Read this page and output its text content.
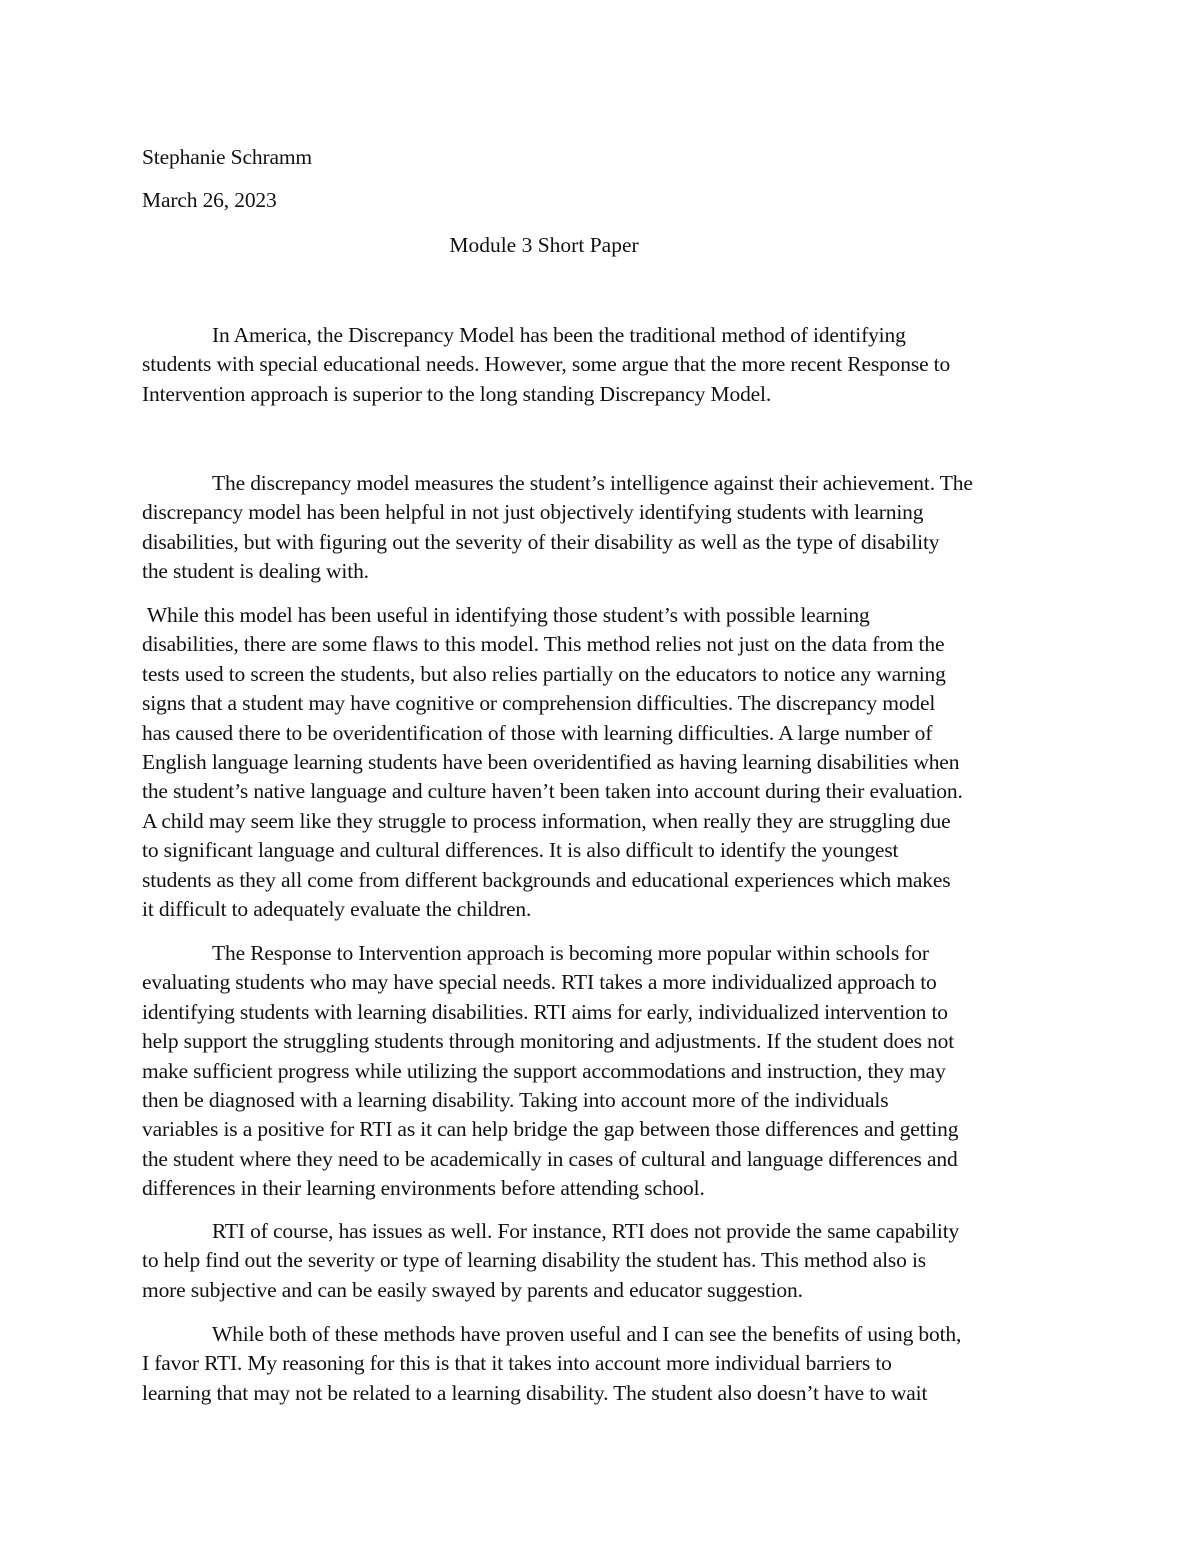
Stephanie Schramm

March 26, 2023

Module 3 Short Paper

In America, the Discrepancy Model has been the traditional method of identifying
students with special educational needs. However, some argue that the more recent Response to
Intervention approach is superior to the long standing Discrepancy Model.
The discrepancy model measures the student’s intelligence against their achievement. The
discrepancy model has been helpful in not just objectively identifying students with learning
disabilities, but with figuring out the severity of their disability as well as the type of disability
the student is dealing with.
While this model has been useful in identifying those student’s with possible learning
disabilities, there are some flaws to this model. This method relies not just on the data from the
tests used to screen the students, but also relies partially on the educators to notice any warning
signs that a student may have cognitive or comprehension difficulties. The discrepancy model
has caused there to be overidentification of those with learning difficulties. A large number of
English language learning students have been overidentified as having learning disabilities when
the student’s native language and culture haven’t been taken into account during their evaluation.
A child may seem like they struggle to process information, when really they are struggling due
to significant language and cultural differences. It is also difficult to identify the youngest
students as they all come from different backgrounds and educational experiences which makes
it difficult to adequately evaluate the children.
The Response to Intervention approach is becoming more popular within schools for
evaluating students who may have special needs. RTI takes a more individualized approach to
identifying students with learning disabilities. RTI aims for early, individualized intervention to
help support the struggling students through monitoring and adjustments. If the student does not
make sufficient progress while utilizing the support accommodations and instruction, they may
then be diagnosed with a learning disability. Taking into account more of the individuals
variables is a positive for RTI as it can help bridge the gap between those differences and getting
the student where they need to be academically in cases of cultural and language differences and
differences in their learning environments before attending school.
RTI of course, has issues as well. For instance, RTI does not provide the same capability
to help find out the severity or type of learning disability the student has. This method also is
more subjective and can be easily swayed by parents and educator suggestion.
While both of these methods have proven useful and I can see the benefits of using both,
I favor RTI. My reasoning for this is that it takes into account more individual barriers to
learning that may not be related to a learning disability. The student also doesn’t have to wait
